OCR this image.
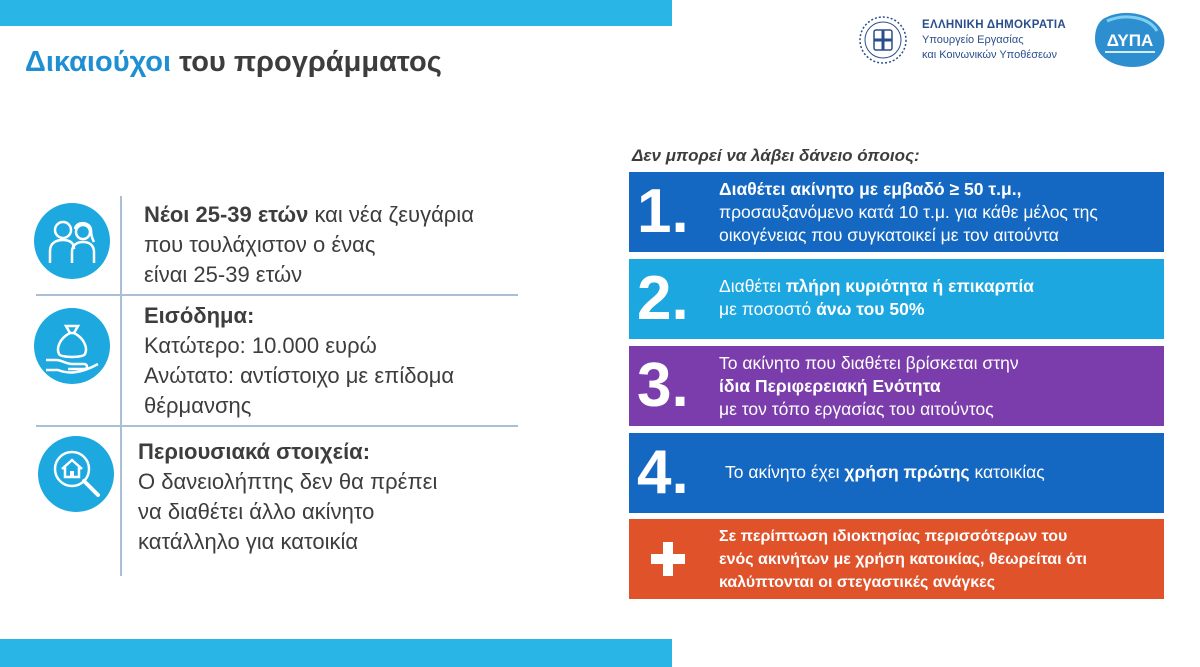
Δικαιούχοι του προγράμματος
ΕΛΛΗΝΙΚΗ ΔΗΜΟΚΡΑΤΙΑ
Υπουργείο Εργασίας
και Κοινωνικών Υποθέσεων
ΔΥΠΑ
Νέοι 25-39 ετών και νέα ζευγάρια
που τουλάχιστον ο ένας
είναι 25-39 ετών
Εισόδημα:
Κατώτερο: 10.000 ευρώ
Ανώτατο: αντίστοιχο με επίδομα
θέρμανσης
Περιουσιακά στοιχεία:
Ο δανειολήπτης δεν θα πρέπει
να διαθέτει άλλο ακίνητο
κατάλληλο για κατοικία
Δεν μπορεί να λάβει δάνειο όποιος:
1. Διαθέτει ακίνητο με εμβαδό ≥ 50 τ.μ.,
προσαυξανόμενο κατά 10 τ.μ. για κάθε μέλος της
οικογένειας που συγκατοικεί με τον αιτούντα
2. Διαθέτει πλήρη κυριότητα ή επικαρπία
με ποσοστό άνω του 50%
3. Το ακίνητο που διαθέτει βρίσκεται στην
ίδια Περιφερειακή Ενότητα
με τον τόπο εργασίας του αιτούντος
4. Το ακίνητο έχει χρήση πρώτης κατοικίας
Σε περίπτωση ιδιοκτησίας περισσότερων του
ενός ακινήτων με χρήση κατοικίας, θεωρείται ότι
καλύπτονται οι στεγαστικές ανάγκες
